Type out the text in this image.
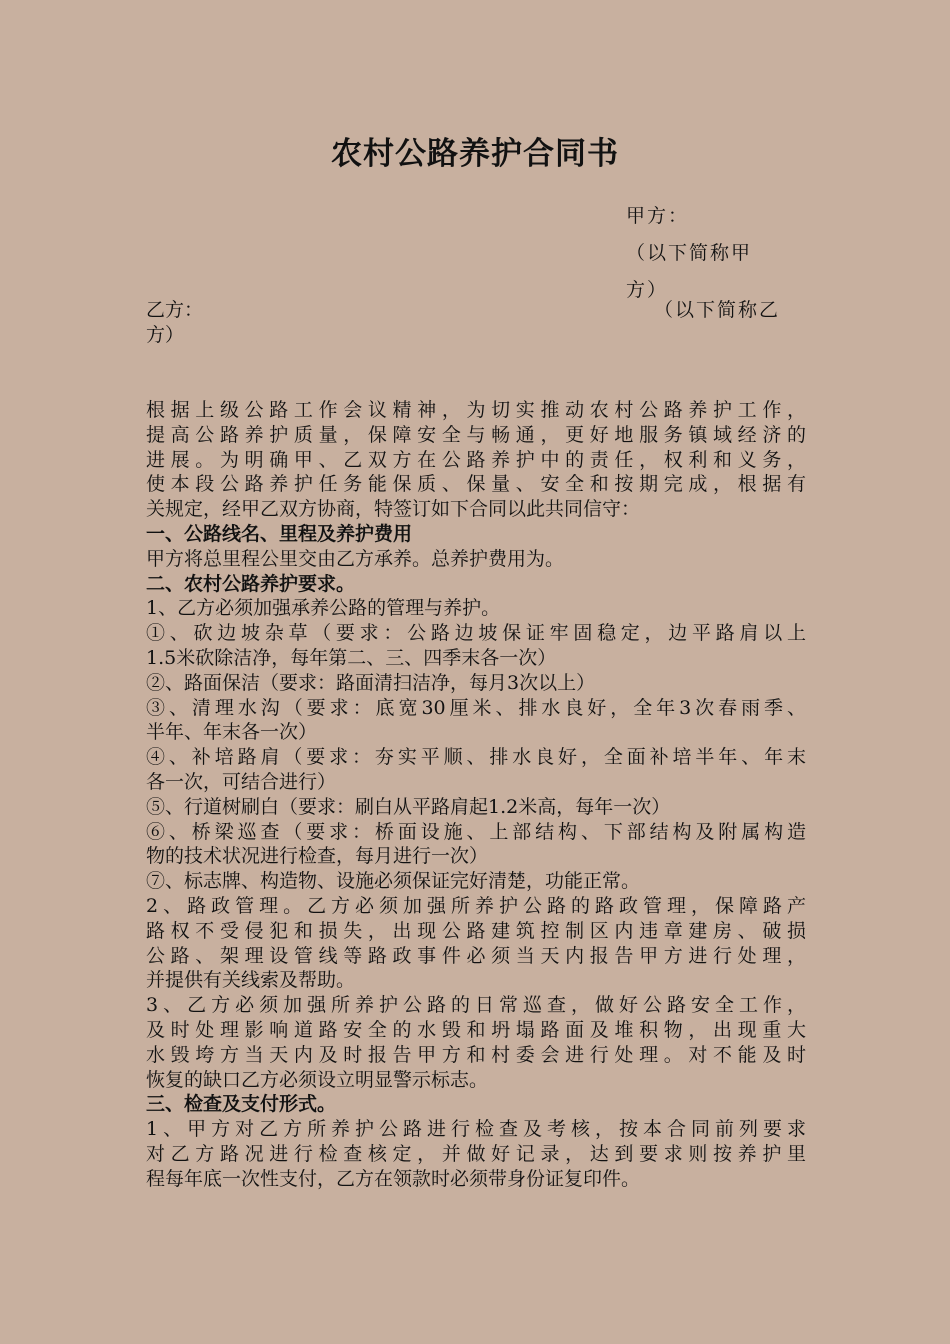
农村公路养护合同书
甲方：
（以下简称甲
方）
乙方：	（以下简称乙
方）
根据上级公路工作会议精神，为切实推动农村公路养护工作，
提高公路养护质量，保障安全与畅通，更好地服务镇域经济的
进展。为明确甲、乙双方在公路养护中的责任，权利和义务，
使本段公路养护任务能保质、保量、安全和按期完成，根据有
关规定，经甲乙双方协商，特签订如下合同以此共同信守：
一、公路线名、里程及养护费用
甲方将总里程公里交由乙方承养。总养护费用为。
二、农村公路养护要求。
1、乙方必须加强承养公路的管理与养护。
①、砍边坡杂草（要求：公路边坡保证牢固稳定，边平路肩以上
1.5米砍除洁净，每年第二、三、四季末各一次）
②、路面保洁（要求：路面清扫洁净，每月3次以上）
③、清理水沟（要求：底宽30厘米、排水良好，全年3次春雨季、
半年、年末各一次）
④、补培路肩（要求：夯实平顺、排水良好，全面补培半年、年末
各一次，可结合进行）
⑤、行道树刷白（要求：刷白从平路肩起1.2米高，每年一次）
⑥、桥梁巡查（要求：桥面设施、上部结构、下部结构及附属构造
物的技术状况进行检查，每月进行一次）
⑦、标志牌、构造物、设施必须保证完好清楚，功能正常。
2、路政管理。乙方必须加强所养护公路的路政管理，保障路产
路权不受侵犯和损失，出现公路建筑控制区内违章建房、破损
公路、架理设管线等路政事件必须当天内报告甲方进行处理，
并提供有关线索及帮助。
3、乙方必须加强所养护公路的日常巡查，做好公路安全工作，
及时处理影响道路安全的水毁和坍塌路面及堆积物，出现重大
水毁垮方当天内及时报告甲方和村委会进行处理。对不能及时
恢复的缺口乙方必须设立明显警示标志。
三、检查及支付形式。
1、甲方对乙方所养护公路进行检查及考核，按本合同前列要求
对乙方路况进行检查核定，并做好记录，达到要求则按养护里
程每年底一次性支付，乙方在领款时必须带身份证复印件。
